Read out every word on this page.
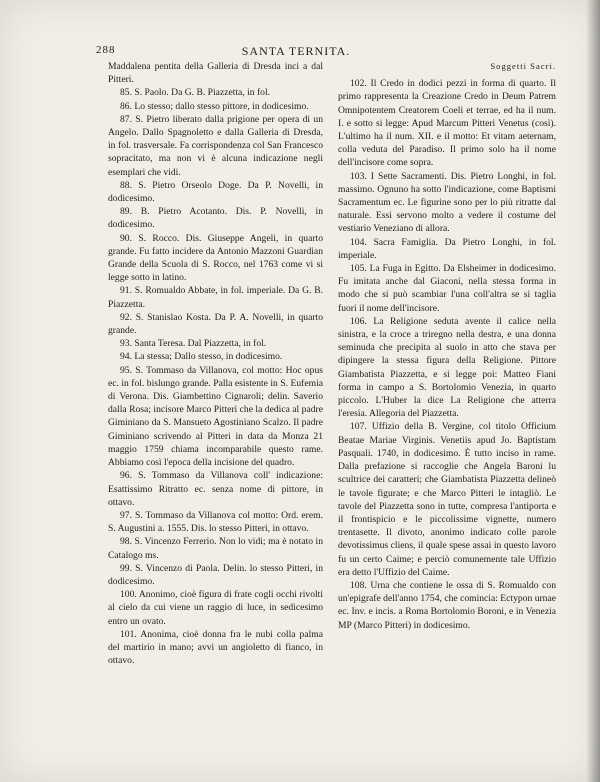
288	SANTA TERNITA.

Maddalena pentita della Galleria di Dresda inci a dal Pitteri.

85. S. Paolo. Da G. B. Piazzetta, in fol.

86. Lo stesso; dallo stesso pittore, in dodicesimo.

87. S. Pietro liberato dalla prigione per opera di un Angelo. Dallo Spagnoletto e dalla Galleria di Dresda, in fol. trasversale. Fa corrispondenza col San Francesco sopracitato, ma non vi è alcuna indicazione negli esemplari che vidi.

88. S. Pietro Orseolo Doge. Da P. Novelli, in dodicesimo.

89. B. Pietro Acotanto. Dis. P. Novelli, in dodicesimo.

90. S. Rocco. Dis. Giuseppe Angeli, in quarto grande. Fu fatto incidere da Antonio Mazzoni Guardian Grande della Scuola di S. Rocco, nel 1763 come vi si legge sotto in latino.

91. S. Romualdo Abbate, in fol. imperiale. Da G. B. Piazzetta.

92. S. Stanislao Kosta. Da P. A. Novelli, in quarto grande.

93. Santa Teresa. Dal Piazzetta, in fol.

94. La stessa; Dallo stesso, in dodicesimo.

95. S. Tommaso da Villanova, col motto: Hoc opus ec. in fol. bislungo grande. Palla esistente in S. Eufemia di Verona. Dis. Giambettino Cignaroli; delin. Saverio dalla Rosa; incisore Marco Pitteri che la dedica al padre Giminiano da S. Mansueto Agostiniano Scalzo. Il padre Giminiano scrivendo al Pitteri in data da Monza 21 maggio 1759 chiama incomparabile questo rame. Abbiamo così l'epoca della incisione del quadro.

96. S. Tommaso da Villanova coll' indicazione: Esattissimo Ritratto ec. senza nome di pittore, in ottavo.

97. S. Tommaso da Villanova col motto: Ord. erem. S. Augustini a. 1555. Dis. lo stesso Pitteri, in ottavo.

98. S. Vincenzo Ferrerio. Non lo vidi; ma è notato in Catalogo ms.

99. S. Vincenzo di Paola. Delin. lo stesso Pitteri, in dodicesimo.

100. Anonimo, cioè figura di frate cogli occhi rivolti al cielo da cui viene un raggio di luce, in sedicesimo entro un ovato.

101. Anonima, cioè donna fra le nubi colla palma del martirio in mano; avvi un angioletto di fianco, in ottavo.

Soggetti Sacri.

102. Il Credo in dodici pezzi in forma di quarto. Il primo rappresenta la Creazione Credo in Deum Patrem Omnipotentem Creatorem Coeli et terrae, ed ha il num. I. e sotto si legge: Apud Marcum Pitteri Venetus (così). L'ultimo ha il num. XII. e il motto: Et vitam aeternam, colla veduta del Paradiso. Il primo solo ha il nome dell'incisore come sopra.

103. I Sette Sacramenti. Dis. Pietro Longhi, in fol. massimo. Ognuno ha sotto l'indicazione, come Baptismi Sacramentum ec. Le figurine sono per lo più ritratte dal naturale. Essi servono molto a vedere il costume del vestiario Veneziano di allora.

104. Sacra Famiglia. Da Pietro Longhi, in fol. imperiale.

105. La Fuga in Egitto. Da Elsheimer in dodicesimo. Fu imitata anche dal Giaconi, nella stessa forma in modo che si può scambiar l'una coll'altra se si taglia fuori il nome dell'incisore.

106. La Religione seduta avente il calice nella sinistra, e la croce a triregno nella destra, e una donna seminuda che precipita al suolo in atto che stava per dipingere la stessa figura della Religione. Pittore Giambatista Piazzetta, e si legge poi: Matteo Fiani forma in campo a S. Bortolomio Venezia, in quarto piccolo. L'Huber la dice La Religione che atterra l'eresia. Allegoria del Piazzetta.

107. Uffizio della B. Vergine, col titolo Officium Beatae Mariae Virginis. Venetiis apud Jo. Baptistam Pasquali. 1740, in dodicesimo. È tutto inciso in rame. Dalla prefazione si raccoglie che Angela Baroni lu scultrice dei caratteri; che Giambatista Piazzetta delineò le tavole figurate; e che Marco Pitteri le intagliò. Le tavole del Piazzetta sono in tutte, compresa l'antiporta e il frontispicio e le piccolissime vignette, numero trentasette. Il divoto, anonimo indicato colle parole devotissimus cliens, il quale spese assai in questo lavoro fu un certo Caime; e perciò comunemente tale Uffizio era detto l'Uffizio del Caime.

108. Urna che contiene le ossa di S. Romualdo con un'epigrafe dell'anno 1754, che comincia: Ectypon urnae ec. Inv. e incis. a Roma Bortolomio Boroni, e in Venezia MP (Marco Pitteri) in dodicesimo.
